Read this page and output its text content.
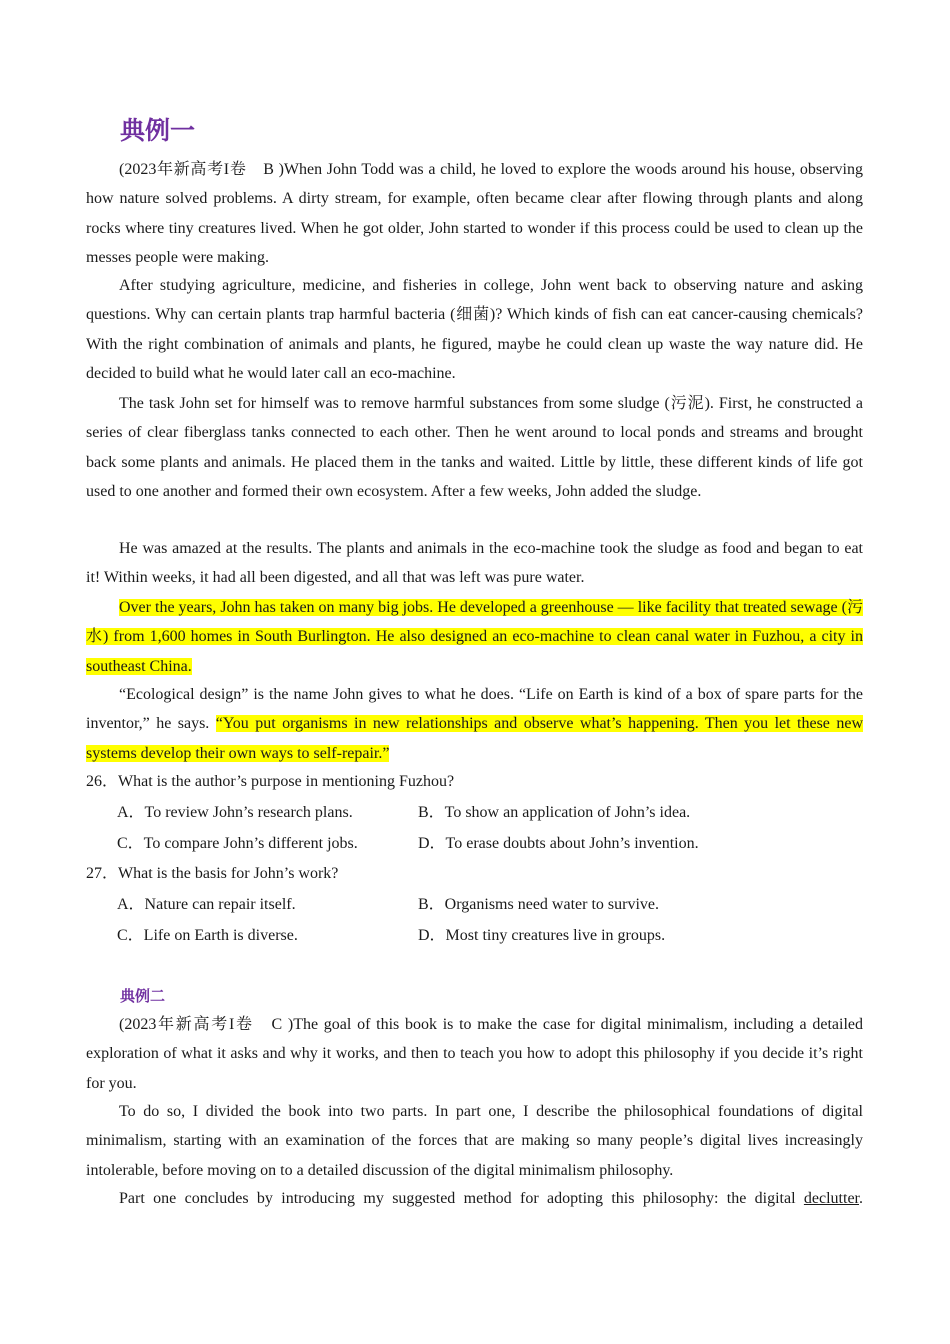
典例一

(2023年新高考I卷　B )When John Todd was a child, he loved to explore the woods around his house, observing how nature solved problems. A dirty stream, for example, often became clear after flowing through plants and along rocks where tiny creatures lived. When he got older, John started to wonder if this process could be used to clean up the messes people were making.

After studying agriculture, medicine, and fisheries in college, John went back to observing nature and asking questions. Why can certain plants trap harmful bacteria (细菌)? Which kinds of fish can eat cancer-causing chemicals? With the right combination of animals and plants, he figured, maybe he could clean up waste the way nature did. He decided to build what he would later call an eco-machine.

The task John set for himself was to remove harmful substances from some sludge (污泥). First, he constructed a series of clear fiberglass tanks connected to each other. Then he went around to local ponds and streams and brought back some plants and animals. He placed them in the tanks and waited. Little by little, these different kinds of life got used to one another and formed their own ecosystem. After a few weeks, John added the sludge.

He was amazed at the results. The plants and animals in the eco-machine took the sludge as food and began to eat it! Within weeks, it had all been digested, and all that was left was pure water.

Over the years, John has taken on many big jobs. He developed a greenhouse — like facility that treated sewage (污水) from 1,600 homes in South Burlington. He also designed an eco-machine to clean canal water in Fuzhou, a city in southeast China.

“Ecological design” is the name John gives to what he does. “Life on Earth is kind of a box of spare parts for the inventor,” he says. “You put organisms in new relationships and observe what’s happening. Then you let these new systems develop their own ways to self-repair.”

26．What is the author’s purpose in mentioning Fuzhou?
A．To review John’s research plans.	B．To show an application of John’s idea.
C．To compare John’s different jobs.	D．To erase doubts about John’s invention.
27．What is the basis for John’s work?
A．Nature can repair itself.	B．Organisms need water to survive.
C．Life on Earth is diverse.	D．Most tiny creatures live in groups.
典例二

(2023年新高考I卷　C )The goal of this book is to make the case for digital minimalism, including a detailed exploration of what it asks and why it works, and then to teach you how to adopt this philosophy if you decide it’s right for you.

To do so, I divided the book into two parts. In part one, I describe the philosophical foundations of digital minimalism, starting with an examination of the forces that are making so many people’s digital lives increasingly intolerable, before moving on to a detailed discussion of the digital minimalism philosophy.

Part one concludes by introducing my suggested method for adopting this philosophy: the digital declutter.
